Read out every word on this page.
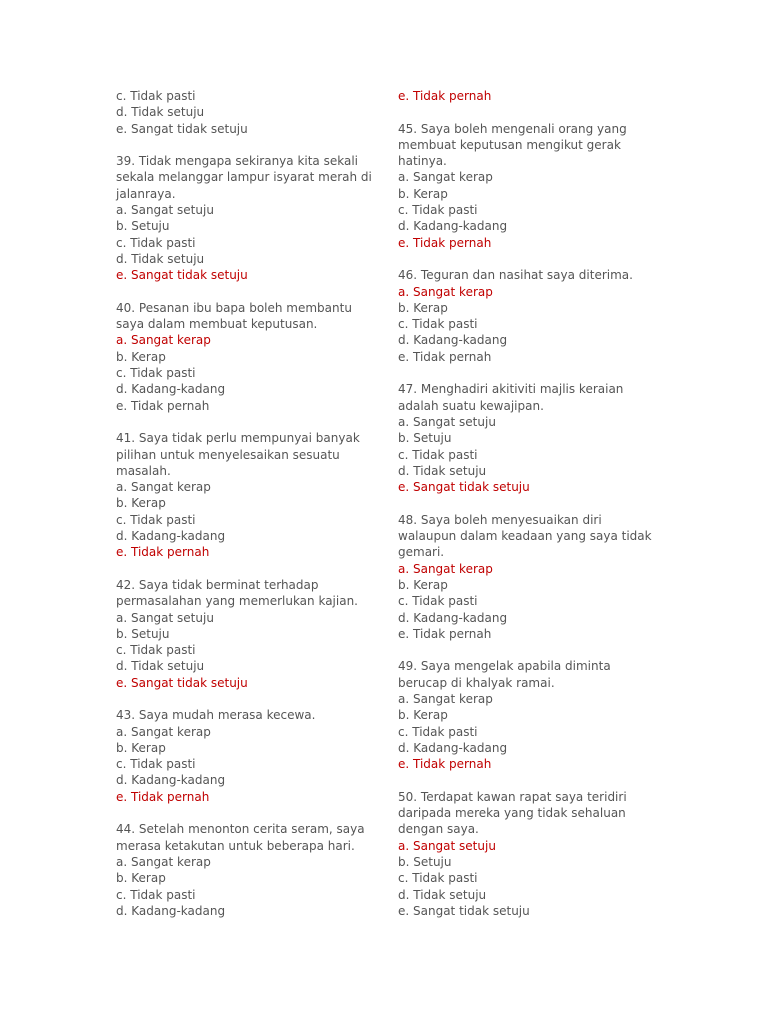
c. Tidak pasti

d. Tidak setuju

e. Sangat tidak setuju

39. Tidak mengapa sekiranya kita sekali sekala melanggar lampur isyarat merah di jalanraya.

a. Sangat setuju

b. Setuju

c. Tidak pasti

d. Tidak setuju

e. Sangat tidak setuju

40. Pesanan ibu bapa boleh membantu saya dalam membuat keputusan.

a. Sangat kerap

b. Kerap

c. Tidak pasti

d. Kadang-kadang

e. Tidak pernah

41. Saya tidak perlu mempunyai banyak pilihan untuk menyelesaikan sesuatu masalah.

a. Sangat kerap

b. Kerap

c. Tidak pasti

d. Kadang-kadang

e. Tidak pernah

42. Saya tidak berminat terhadap permasalahan yang memerlukan kajian.

a. Sangat setuju

b. Setuju

c. Tidak pasti

d. Tidak setuju

e. Sangat tidak setuju

43. Saya mudah merasa kecewa.

a. Sangat kerap

b. Kerap

c. Tidak pasti

d. Kadang-kadang

e. Tidak pernah

44. Setelah menonton cerita seram, saya merasa ketakutan untuk beberapa hari.

a. Sangat kerap

b. Kerap

c. Tidak pasti

d. Kadang-kadang

e. Tidak pernah

45. Saya boleh mengenali orang yang membuat keputusan mengikut gerak hatinya.

a. Sangat kerap

b. Kerap

c. Tidak pasti

d. Kadang-kadang

e. Tidak pernah

46. Teguran dan nasihat saya diterima.

a. Sangat kerap

b. Kerap

c. Tidak pasti

d. Kadang-kadang

e. Tidak pernah

47. Menghadiri akitiviti majlis keraian adalah suatu kewajipan.

a. Sangat setuju

b. Setuju

c. Tidak pasti

d. Tidak setuju

e. Sangat tidak setuju

48. Saya boleh menyesuaikan diri walaupun dalam keadaan yang saya tidak gemari.

a. Sangat kerap

b. Kerap

c. Tidak pasti

d. Kadang-kadang

e. Tidak pernah

49. Saya mengelak apabila diminta berucap di khalyak ramai.

a. Sangat kerap

b. Kerap

c. Tidak pasti

d. Kadang-kadang

e. Tidak pernah

50. Terdapat kawan rapat saya teridiri daripada mereka yang tidak sehaluan dengan saya.

a. Sangat setuju

b. Setuju

c. Tidak pasti

d. Tidak setuju

e. Sangat tidak setuju
